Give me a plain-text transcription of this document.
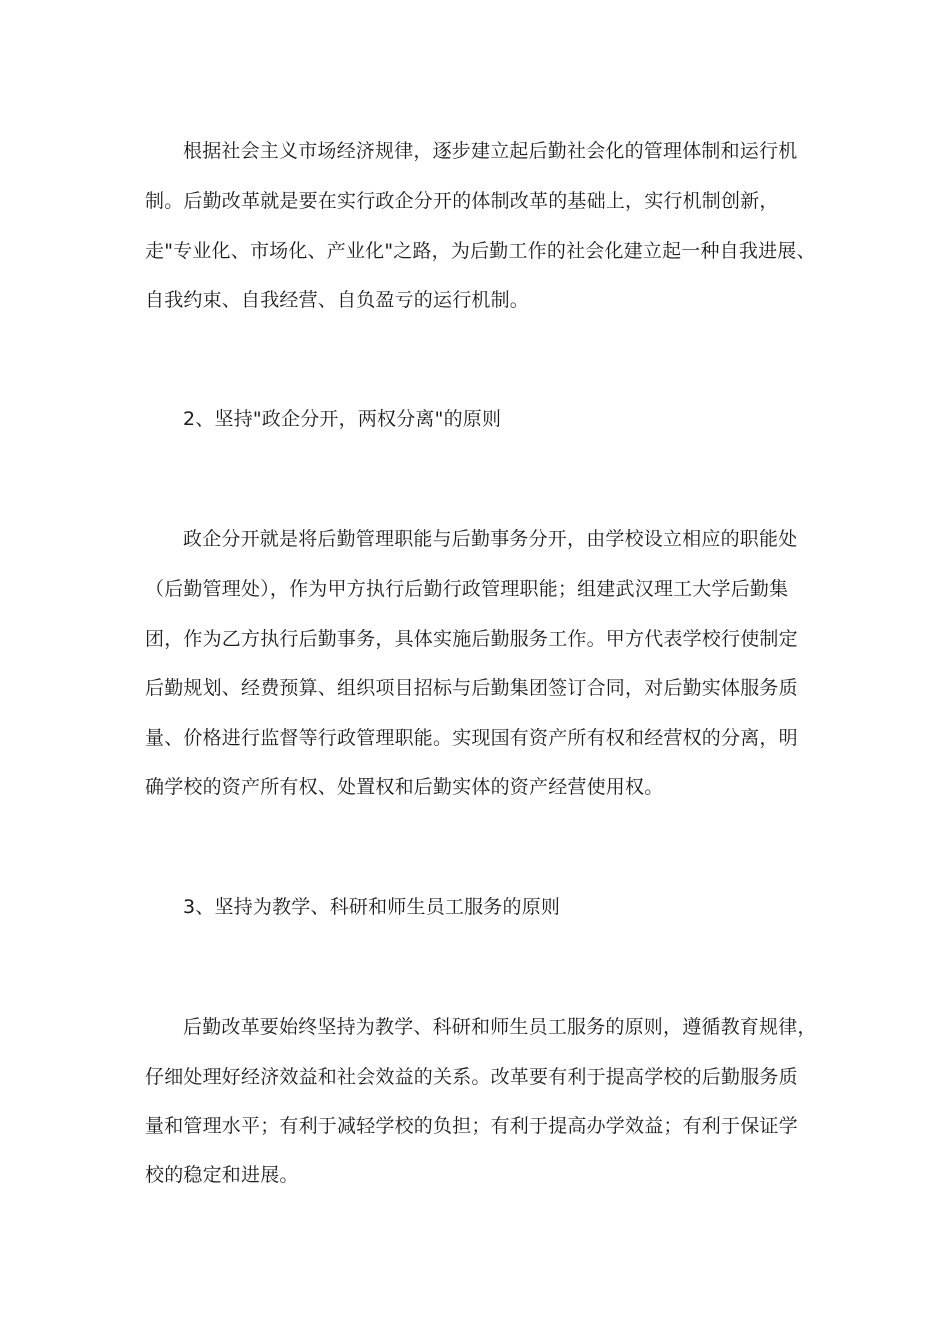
根据社会主义市场经济规律，逐步建立起后勤社会化的管理体制和运行机
制。后勤改革就是要在实行政企分开的体制改革的基础上，实行机制创新，
走"专业化、市场化、产业化"之路，为后勤工作的社会化建立起一种自我进展、
自我约束、自我经营、自负盈亏的运行机制。
2、坚持"政企分开，两权分离"的原则
政企分开就是将后勤管理职能与后勤事务分开，由学校设立相应的职能处
（后勤管理处），作为甲方执行后勤行政管理职能；组建武汉理工大学后勤集
团，作为乙方执行后勤事务，具体实施后勤服务工作。甲方代表学校行使制定
后勤规划、经费预算、组织项目招标与后勤集团签订合同，对后勤实体服务质
量、价格进行监督等行政管理职能。实现国有资产所有权和经营权的分离，明
确学校的资产所有权、处置权和后勤实体的资产经营使用权。
3、坚持为教学、科研和师生员工服务的原则
后勤改革要始终坚持为教学、科研和师生员工服务的原则，遵循教育规律，
仔细处理好经济效益和社会效益的关系。改革要有利于提高学校的后勤服务质
量和管理水平；有利于减轻学校的负担；有利于提高办学效益；有利于保证学
校的稳定和进展。
